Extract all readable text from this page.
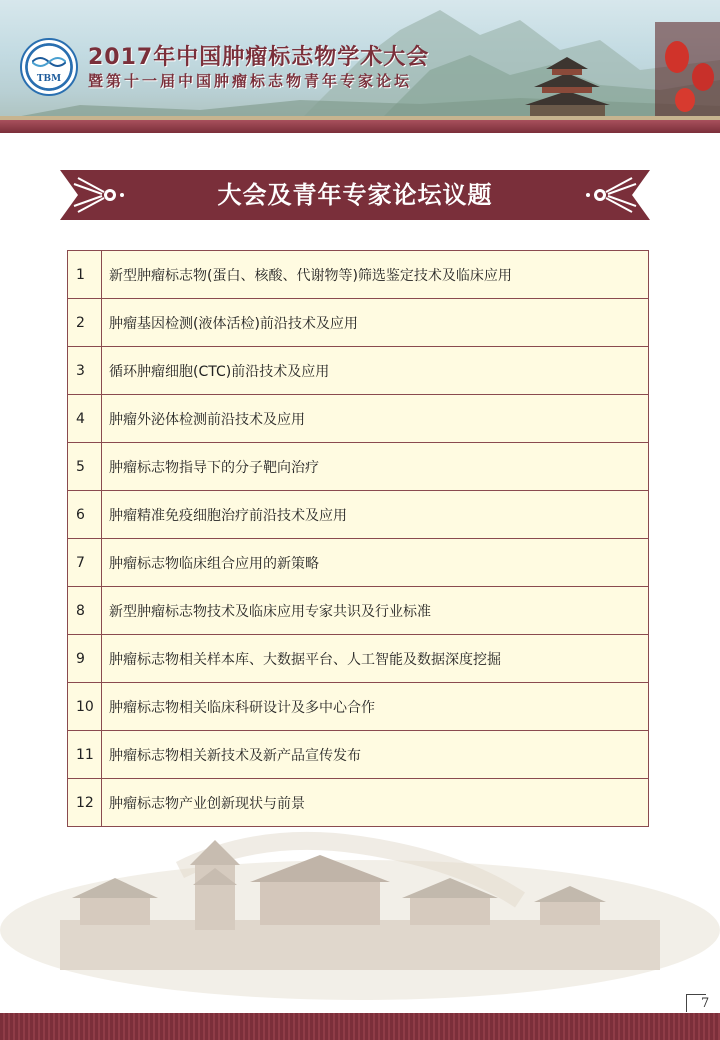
TBM
2017年中国肿瘤标志物学术大会
暨第十一届中国肿瘤标志物青年专家论坛
大会及青年专家论坛议题
1	新型肿瘤标志物(蛋白、核酸、代谢物等)筛选鉴定技术及临床应用
2	肿瘤基因检测(液体活检)前沿技术及应用
3	循环肿瘤细胞(CTC)前沿技术及应用
4	肿瘤外泌体检测前沿技术及应用
5	肿瘤标志物指导下的分子靶向治疗
6	肿瘤精准免疫细胞治疗前沿技术及应用
7	肿瘤标志物临床组合应用的新策略
8	新型肿瘤标志物技术及临床应用专家共识及行业标准
9	肿瘤标志物相关样本库、大数据平台、人工智能及数据深度挖掘
10	肿瘤标志物相关临床科研设计及多中心合作
11	肿瘤标志物相关新技术及新产品宣传发布
12	肿瘤标志物产业创新现状与前景
7
